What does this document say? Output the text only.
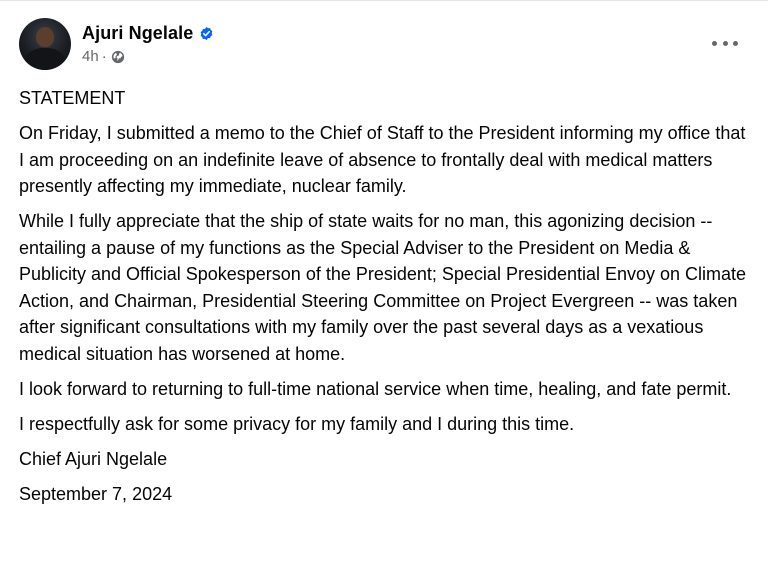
Ajuri Ngelale
4h ·

STATEMENT

On Friday, I submitted a memo to the Chief of Staff to the President informing my office that I am proceeding on an indefinite leave of absence to frontally deal with medical matters presently affecting my immediate, nuclear family.

While I fully appreciate that the ship of state waits for no man, this agonizing decision -- entailing a pause of my functions as the Special Adviser to the President on Media & Publicity and Official Spokesperson of the President; Special Presidential Envoy on Climate Action, and Chairman, Presidential Steering Committee on Project Evergreen -- was taken after significant consultations with my family over the past several days as a vexatious medical situation has worsened at home.

I look forward to returning to full-time national service when time, healing, and fate permit.

I respectfully ask for some privacy for my family and I during this time.

Chief Ajuri Ngelale

September 7, 2024
